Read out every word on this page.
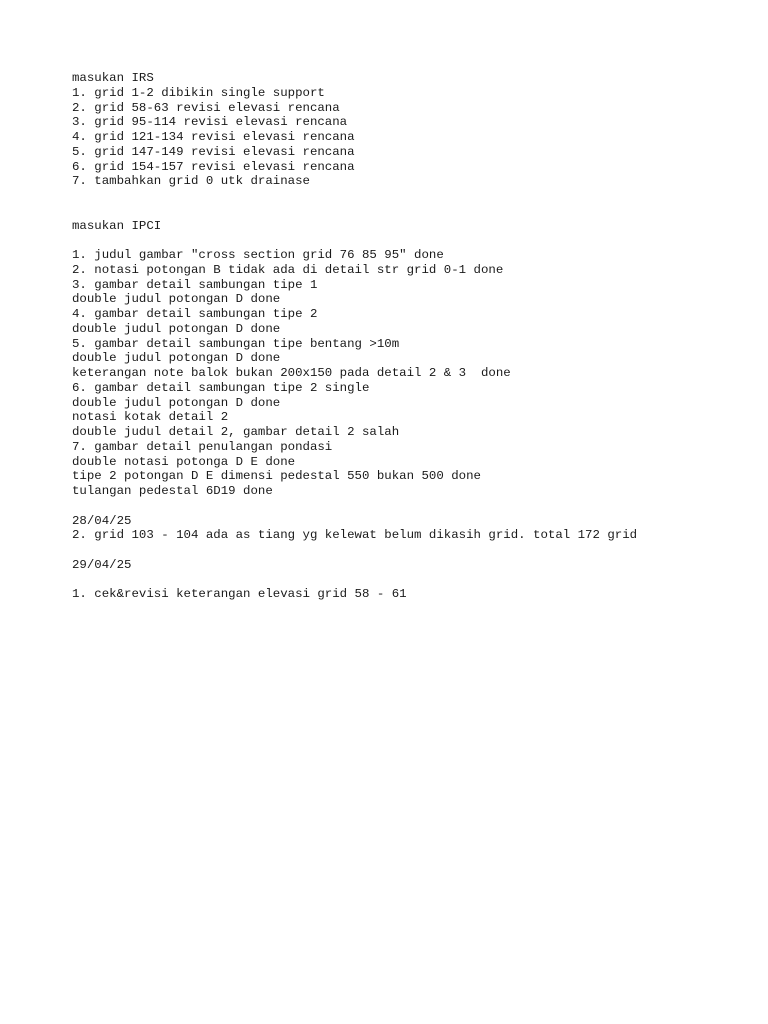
masukan IRS
1. grid 1-2 dibikin single support
2. grid 58-63 revisi elevasi rencana
3. grid 95-114 revisi elevasi rencana
4. grid 121-134 revisi elevasi rencana
5. grid 147-149 revisi elevasi rencana
6. grid 154-157 revisi elevasi rencana
7. tambahkan grid 0 utk drainase
masukan IPCI
1. judul gambar "cross section grid 76 85 95" done
2. notasi potongan B tidak ada di detail str grid 0-1 done
3. gambar detail sambungan tipe 1
double judul potongan D done
4. gambar detail sambungan tipe 2
double judul potongan D done
5. gambar detail sambungan tipe bentang >10m
double judul potongan D done
keterangan note balok bukan 200x150 pada detail 2 & 3  done
6. gambar detail sambungan tipe 2 single
double judul potongan D done
notasi kotak detail 2
double judul detail 2, gambar detail 2 salah
7. gambar detail penulangan pondasi
double notasi potonga D E done
tipe 2 potongan D E dimensi pedestal 550 bukan 500 done
tulangan pedestal 6D19 done
28/04/25
2. grid 103 - 104 ada as tiang yg kelewat belum dikasih grid. total 172 grid
29/04/25
1. cek&revisi keterangan elevasi grid 58 - 61
